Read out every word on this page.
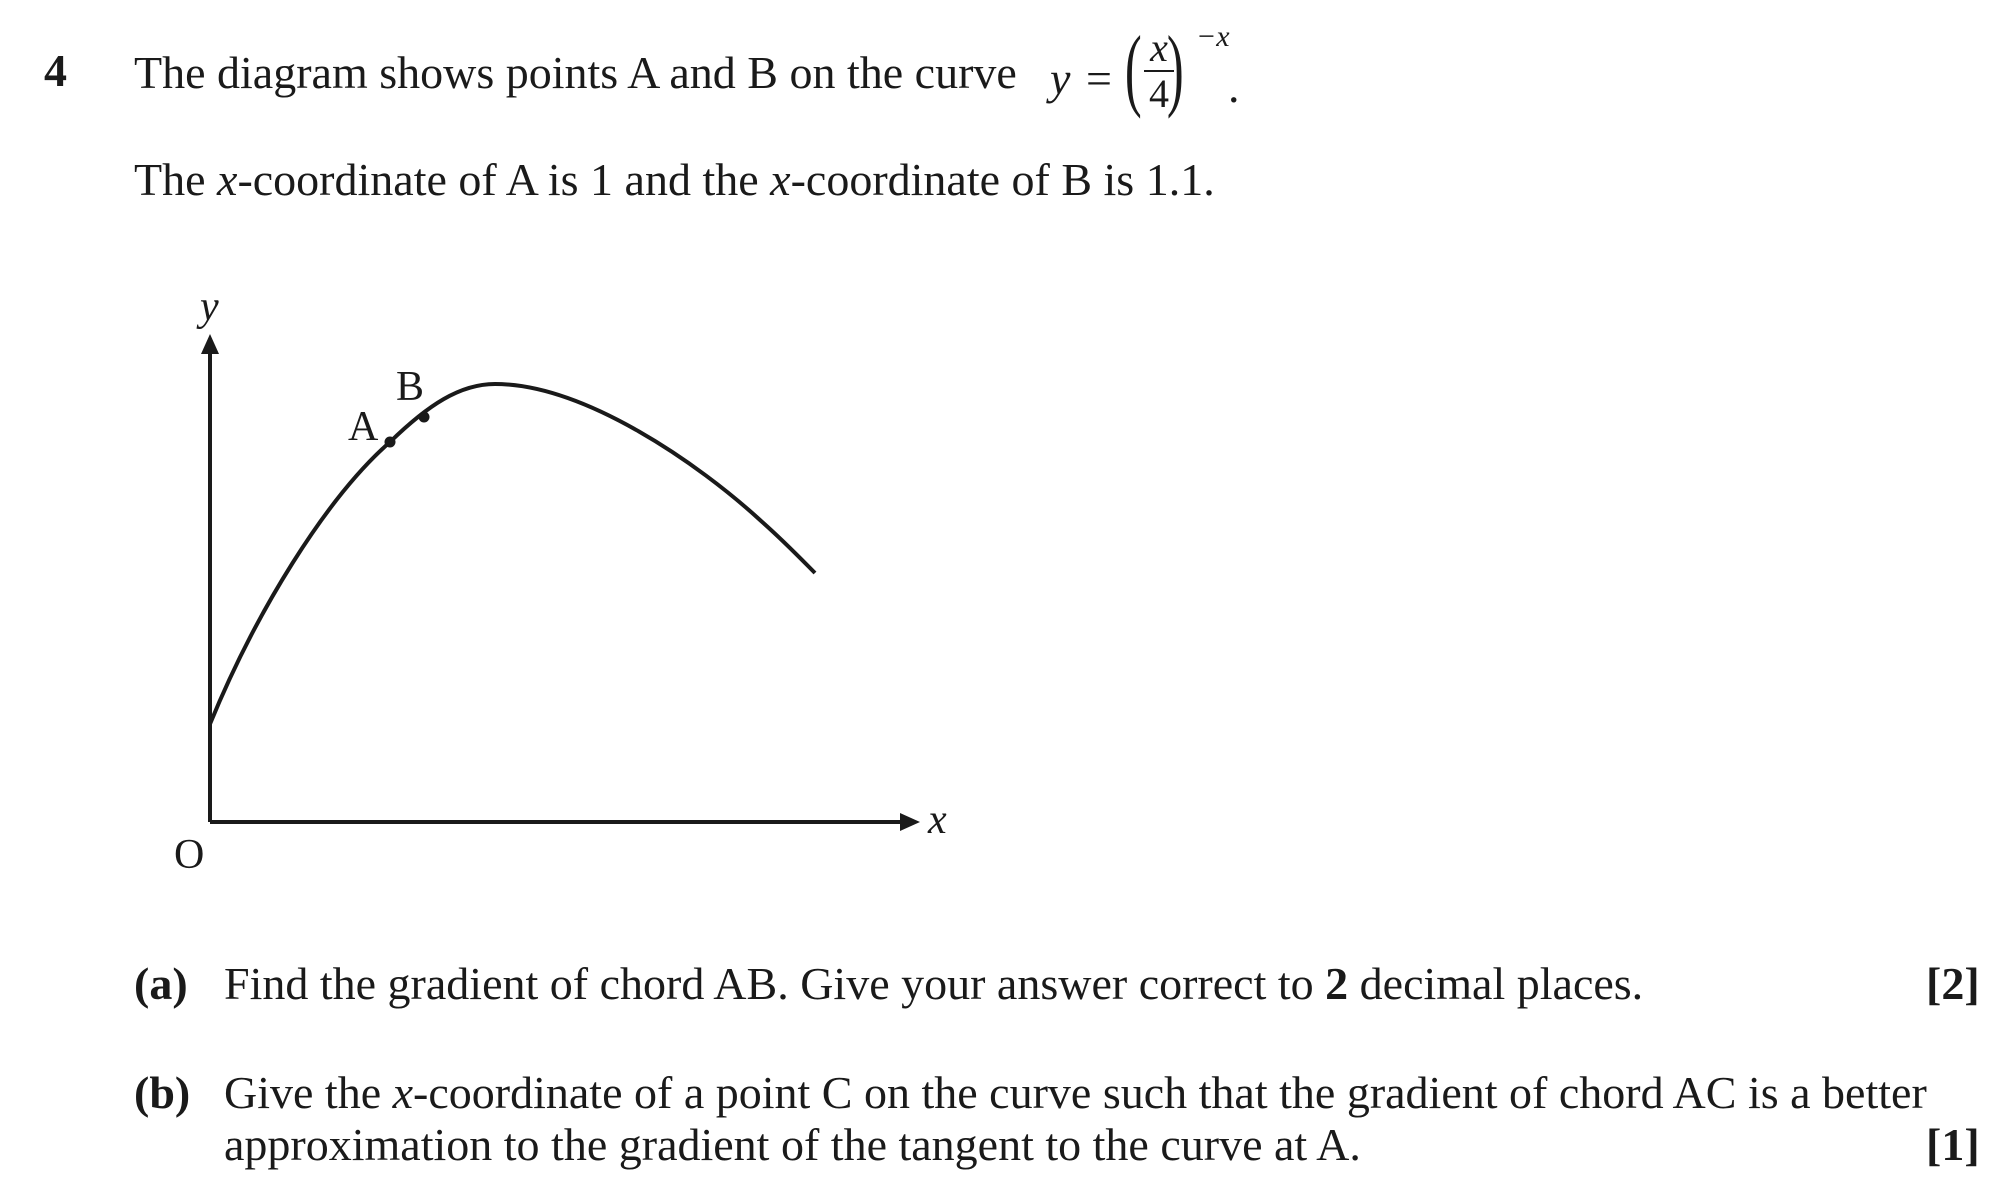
4 The diagram shows points A and B on the curve y = ( x
4
) −x
.
The x-coordinate of A is 1 and the x-coordinate of B is 1.1.
y
x
O
A
B
(a) Find the gradient of chord AB. Give your answer correct to 2 decimal places.	[2]
(b) Give the x-coordinate of a point C on the curve such that the gradient of chord AC is a better
approximation to the gradient of the tangent to the curve at A.	[1]
